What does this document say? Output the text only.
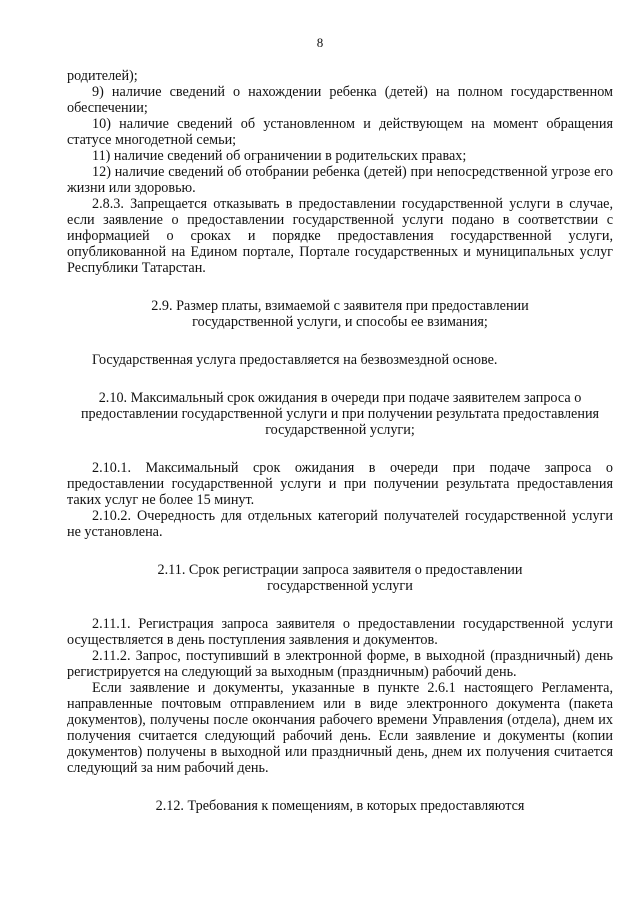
8

родителей);

9) наличие сведений о нахождении ребенка (детей) на полном государственном обеспечении;

10) наличие сведений об установленном и действующем на момент обращения статусе многодетной семьи;

11) наличие сведений об ограничении в родительских правах;

12) наличие сведений об отобрании ребенка (детей) при непосредственной угрозе его жизни или здоровью.

2.8.3. Запрещается отказывать в предоставлении государственной услуги в случае, если заявление о предоставлении государственной услуги подано в соответствии с информацией о сроках и порядке предоставления государственной услуги, опубликованной на Едином портале, Портале государственных и муниципальных услуг Республики Татарстан.

2.9. Размер платы, взимаемой с заявителя при предоставлении государственной услуги, и способы ее взимания;

Государственная услуга предоставляется на безвозмездной основе.

2.10. Максимальный срок ожидания в очереди при подаче заявителем запроса о предоставлении государственной услуги и при получении результата предоставления государственной услуги;

2.10.1. Максимальный срок ожидания в очереди при подаче запроса о предоставлении государственной услуги и при получении результата предоставления таких услуг не более 15 минут.

2.10.2. Очередность для отдельных категорий получателей государственной услуги не установлена.

2.11. Срок регистрации запроса заявителя о предоставлении государственной услуги

2.11.1. Регистрация запроса заявителя о предоставлении государственной услуги осуществляется в день поступления заявления и документов.

2.11.2. Запрос, поступивший в электронной форме, в выходной (праздничный) день регистрируется на следующий за выходным (праздничным) рабочий день.

Если заявление и документы, указанные в пункте 2.6.1 настоящего Регламента, направленные почтовым отправлением или в виде электронного документа (пакета документов), получены после окончания рабочего времени Управления (отдела), днем их получения считается следующий рабочий день. Если заявление и документы (копии документов) получены в выходной или праздничный день, днем их получения считается следующий за ним рабочий день.

2.12. Требования к помещениям, в которых предоставляются
